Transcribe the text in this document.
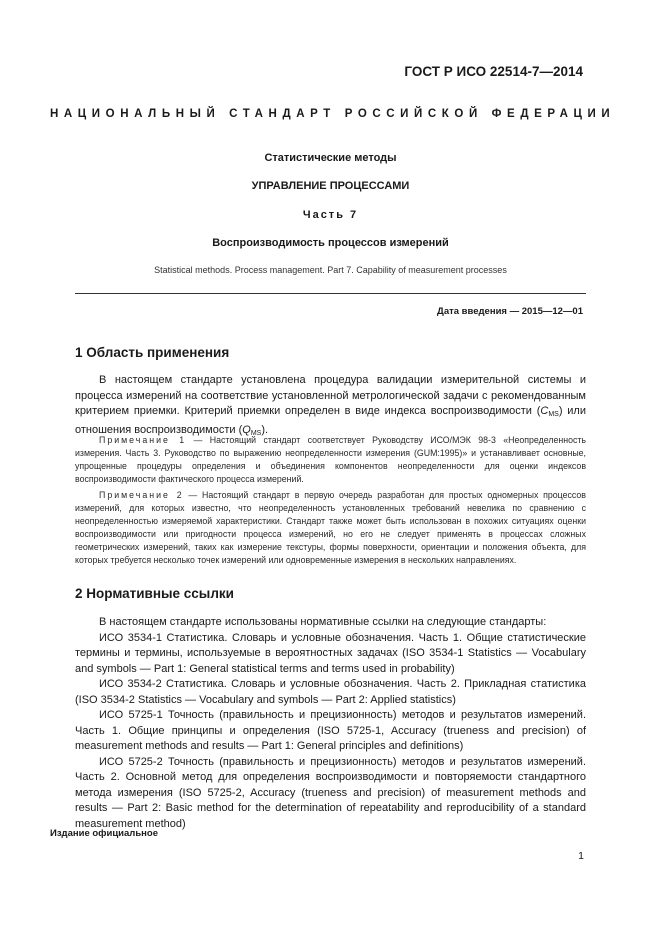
ГОСТ Р ИСО 22514-7—2014
НАЦИОНАЛЬНЫЙ СТАНДАРТ РОССИЙСКОЙ ФЕДЕРАЦИИ
Статистические методы
УПРАВЛЕНИЕ ПРОЦЕССАМИ
Часть 7
Воспроизводимость процессов измерений
Statistical methods. Process management. Part 7. Capability of measurement processes
Дата введения — 2015—12—01
1 Область применения
В настоящем стандарте установлена процедура валидации измерительной системы и процесса измерений на соответствие установленной метрологической задачи с рекомендованным критерием приемки. Критерий приемки определен в виде индекса воспроизводимости $(C_{MS})$ или отношения воспроизводимости $(Q_{MS})$.
Примечание 1 — Настоящий стандарт соответствует Руководству ИСО/МЭК 98-3 «Неопределенность измерения. Часть 3. Руководство по выражению неопределенности измерения (GUM:1995)» и устанавливает основные, упрощенные процедуры определения и объединения компонентов неопределенности для оценки индексов воспроизводимости фактического процесса измерений.
Примечание 2 — Настоящий стандарт в первую очередь разработан для простых одномерных процессов измерений, для которых известно, что неопределенность установленных требований невелика по сравнению с неопределенностью измеряемой характеристики. Стандарт также может быть использован в похожих ситуациях оценки воспроизводимости или пригодности процесса измерений, но его не следует применять в процессах сложных геометрических измерений, таких как измерение текстуры, формы поверхности, ориентации и положения объекта, для которых требуется несколько точек измерений или одновременные измерения в нескольких направлениях.
2 Нормативные ссылки

В настоящем стандарте использованы нормативные ссылки на следующие стандарты:

ИСО 3534-1 Статистика. Словарь и условные обозначения. Часть 1. Общие статистические термины и термины, используемые в вероятностных задачах (ISO 3534-1 Statistics — Vocabulary and symbols — Part 1: General statistical terms and terms used in probability)

ИСО 3534-2 Статистика. Словарь и условные обозначения. Часть 2. Прикладная статистика (ISO 3534-2 Statistics — Vocabulary and symbols — Part 2: Applied statistics)

ИСО 5725-1 Точность (правильность и прецизионность) методов и результатов измерений. Часть 1. Общие принципы и определения (ISO 5725-1, Accuracy (trueness and precision) of measurement methods and results — Part 1: General principles and definitions)

ИСО 5725-2 Точность (правильность и прецизионность) методов и результатов измерений. Часть 2. Основной метод для определения воспроизводимости и повторяемости стандартного метода измерения (ISO 5725-2, Accuracy (trueness and precision) of measurement methods and results — Part 2: Basic method for the determination of repeatability and reproducibility of a standard measurement method)

Издание официальное
1
